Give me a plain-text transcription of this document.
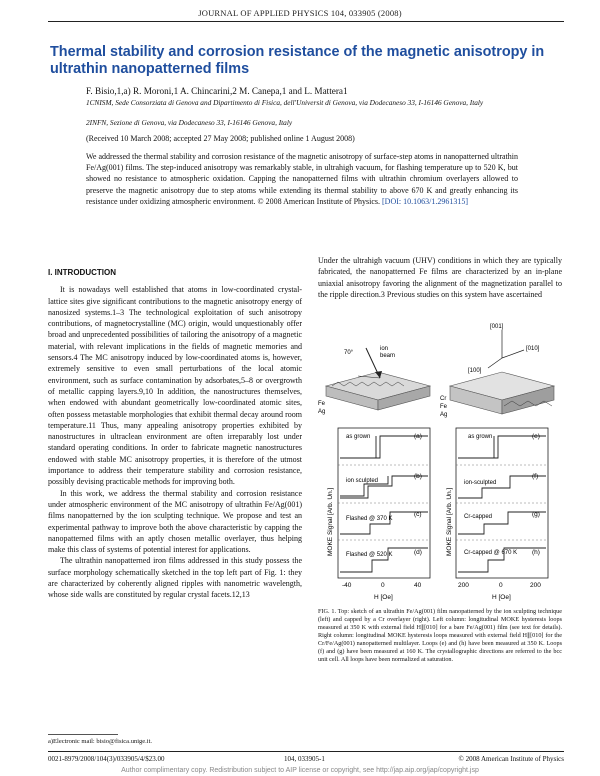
JOURNAL OF APPLIED PHYSICS 104, 033905 (2008)
Thermal stability and corrosion resistance of the magnetic anisotropy in ultrathin nanopatterned films
F. Bisio,1,a) R. Moroni,1 A. Chincarini,2 M. Canepa,1 and L. Mattera1
1CNISM, Sede Consorziata di Genova and Dipartimento di Fisica, dell'Universit di Genova, via Dodecaneso 33, I-16146 Genova, Italy
2INFN, Sezione di Genova, via Dodecaneso 33, I-16146 Genova, Italy
(Received 10 March 2008; accepted 27 May 2008; published online 1 August 2008)
We addressed the thermal stability and corrosion resistance of the magnetic anisotropy of surface-step atoms in nanopatterned ultrathin Fe/Ag(001) films. The step-induced anisotropy was remarkably stable, in ultrahigh vacuum, for flashing temperature up to 520 K, but showed no resistance to atmospheric oxidation. Capping the nanopatterned films with ultrathin chromium overlayers allowed to preserve the magnetic anisotropy due to step atoms while extending its thermal stability to above 670 K and greatly enhancing its resistance under oxidizing atmospheric environment. © 2008 American Institute of Physics. [DOI: 10.1063/1.2961315]
I. INTRODUCTION

It is nowadays well established that atoms in low-coordinated crystal-lattice sites give significant contributions to the magnetic anisotropy energy of nanosized systems.1–3 The technological exploitation of such anisotropy contributions, of magnetocrystalline (MC) origin, would unquestionably offer broad and unprecedented possibilities of tailoring the anisotropy of a magnetic material, with relevant implications in the fields of magnetic memories and sensors.4 The MC anisotropy induced by low-coordinated atoms is, however, extremely sensitive to even small perturbations of the local atomic environment, such as surface contamination by adsorbates,5–8 or overgrowth of metallic capping layers.9,10 In addition, the nanostructures themselves, when endowed with abundant geometrically low-coordinated atomic sites, often possess metastable morphologies that exhibit thermal decay around room temperature.11 Thus, many appealing anisotropy properties exhibited by nanostructures in ultraclean environment are often irreparably lost under standard operating conditions. In order to fabricate magnetic nanostructures endowed with stable MC anisotropy properties, it is therefore of the utmost importance to address their temperature stability and corrosion resistance, possibly devising practicable methods for improving both.

In this work, we address the thermal stability and corrosion resistance under atmospheric environment of the MC anisotropy of ultrathin Fe/Ag(001) films nanopatterned by the ion sculpting technique. We propose and test an experimental pathway to improve both the above characteristic by capping the nanopatterned films with an aptly chosen metallic overlayer, thus helping make this class of systems of potential interest for applications.

The ultrathin nanopatterned iron films addressed in this study possess the surface morphology schematically sketched in the top left part of Fig. 1: they are characterized by coherently aligned ripples with nanometric wavelength, whose side walls are constituted by regular crystal facets.12,13

Under the ultrahigh vacuum (UHV) conditions in which they are typically fabricated, the nanopatterned Fe films are characterized by an in-plane uniaxial anisotropy favoring the alignment of the magnetization parallel to the ripple direction.3 Previous studies on this system have ascertained

70°
ion
beam
Fe
Ag
[001]
[010]
[100]
Cr
Fe
Ag
as grown
ion sculpted
Flashed @ 370 K
Flashed @ 520 K
(a)
(b)
(c)
(d)
MOKE Signal [Arb. Un.]
-40	0	40
H [Oe]
as grown
ion-sculpted
Cr-capped
Cr-capped @ 670 K
(e)
(f)
(g)
(h)
MOKE Signal [Arb. Un.]
200	0	200
H [Oe]
FIG. 1. Top: sketch of an ultrathin Fe/Ag(001) film nanopatterned by the ion sculpting technique (left) and capped by a Cr overlayer (right). Left column: longitudinal MOKE hysteresis loops measured at 350 K with external field H∥[010] for a bare Fe/Ag(001) film (see text for details). Right column: longitudinal MOKE hysteresis loops measured with external field H∥[010] for the Cr/Fe/Ag(001) nanopatterned multilayer. Loops (e) and (h) have been measured at 350 K. Loops (f) and (g) have been measured at 160 K. The crystallographic directions are referred to the bcc unit cell. All loops have been normalized at saturation.
a)Electronic mail: bisio@fisica.unige.it.
0021-8979/2008/104(3)/033905/4/$23.00	104, 033905-1	© 2008 American Institute of Physics
Author complimentary copy. Redistribution subject to AIP license or copyright, see http://jap.aip.org/jap/copyright.jsp
